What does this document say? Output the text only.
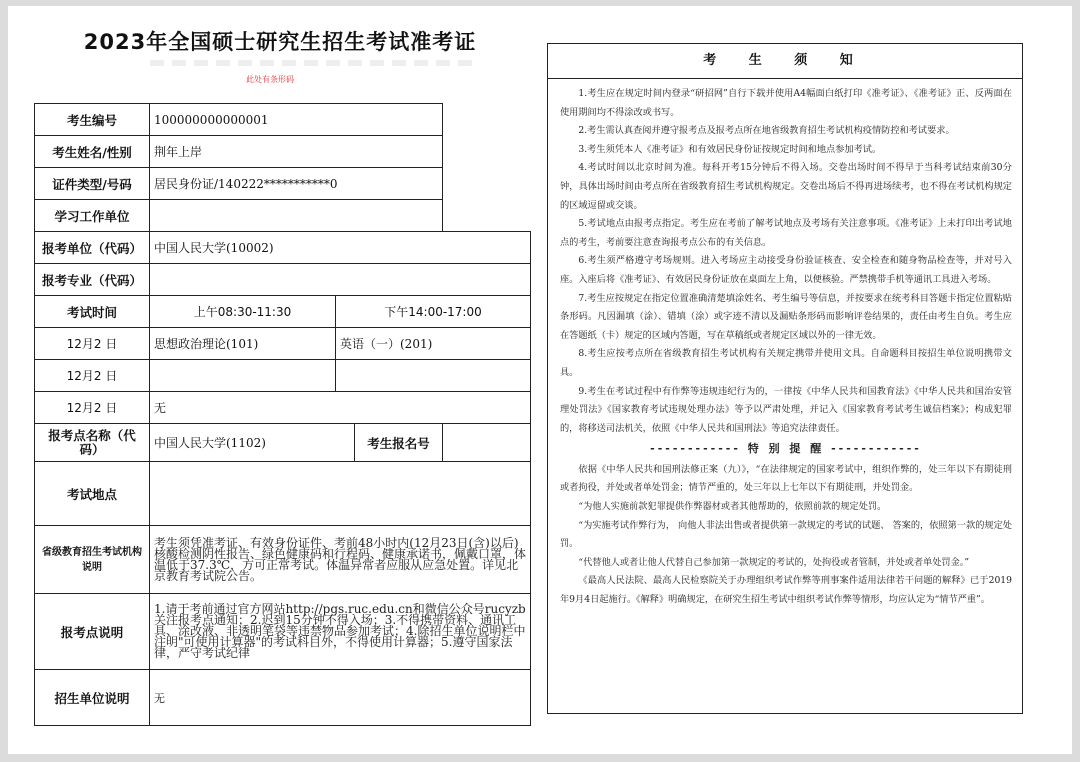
2023年全国硕士研究生招生考试准考证
此处有条形码
考生编号	100000000000001			
考生姓名/性别	荆年上岸			
证件类型/号码	居民身份证/140222***********0			
学习工作单位				
报考单位（代码）	中国人民大学(10002)			
报考专业（代码）				
考试时间	上午08:30-11:30	下午14:00-17:00		
12月2 日	思想政治理论(101)	英语（一）(201)		
12月2 日				
12月2 日	无			
报考点名称（代码）	中国人民大学(1102)		考生报名号	
考试地点				
省级教育招生考试机构说明	考生须凭准考证、有效身份证件、考前48小时内(12月23日(含)以后)核酸检测阴性报告、绿色健康码和行程码、健康承诺书，佩戴口罩，体温低于37.3℃，方可正常考试。体温异常者应服从应急处置。详见北京教育考试院公告。			
报考点说明	1.请于考前通过官方网站http://pgs.ruc.edu.cn和微信公众号rucyzb关注报考点通知；2.迟到15分钟不得入场；3.不得携带资料、通讯工具、涂改液、非透明笔袋等违禁物品参加考试；4.除招生单位说明栏中注明"可使用计算器"的考试科目外，不得使用计算器；5.遵守国家法律，严守考试纪律			
招生单位说明	无			
考 生 须 知

1.考生应在规定时间内登录“研招网”自行下载并使用A4幅面白纸打印《准考证》、《准考证》正、反两面在使用期间均不得涂改或书写。

2.考生需认真查阅并遵守报考点及报考点所在地省级教育招生考试机构疫情防控和考试要求。

3.考生须凭本人《准考证》和有效居民身份证按规定时间和地点参加考试。

4.考试时间以北京时间为准。每科开考15分钟后不得入场。交卷出场时间不得早于当科考试结束前30分钟，具体出场时间由考点所在省级教育招生考试机构规定。交卷出场后不得再进场续考，也不得在考试机构规定的区域逗留或交谈。

5.考试地点由报考点指定。考生应在考前了解考试地点及考场有关注意事项。《准考证》上未打印出考试地点的考生，考前要注意查询报考点公布的有关信息。

6.考生须严格遵守考场规则。进入考场应主动接受身份验证核查、安全检查和随身物品检查等，并对号入座。入座后将《准考证》、有效居民身份证放在桌面左上角，以便核验。严禁携带手机等通讯工具进入考场。

7.考生应按规定在指定位置准确清楚填涂姓名、考生编号等信息，并按要求在统考科目答题卡指定位置粘贴条形码。凡因漏填（涂）、错填（涂）或字迹不清以及漏贴条形码而影响评卷结果的，责任由考生自负。考生应在答题纸（卡）规定的区域内答题，写在草稿纸或者规定区域以外的一律无效。

8.考生应按考点所在省级教育招生考试机构有关规定携带并使用文具。自命题科目按招生单位说明携带文具。

9.考生在考试过程中有作弊等违规违纪行为的，一律按《中华人民共和国教育法》《中华人民共和国治安管理处罚法》《国家教育考试违规处理办法》等予以严肃处理，并记入《国家教育考试考生诚信档案》；构成犯罪的，将移送司法机关，依照《中华人民共和国刑法》等追究法律责任。

------------ 特 别 提 醒 ------------

依据《中华人民共和国刑法修正案（九）》，“在法律规定的国家考试中，组织作弊的，处三年以下有期徒刑或者拘役，并处或者单处罚金；情节严重的，处三年以上七年以下有期徒刑，并处罚金。

“为他人实施前款犯罪提供作弊器材或者其他帮助的，依照前款的规定处罚。

“为实施考试作弊行为， 向他人非法出售或者提供第一款规定的考试的试题、 答案的，依照第一款的规定处罚。

“代替他人或者让他人代替自己参加第一款规定的考试的，处拘役或者管制，并处或者单处罚金。”

《最高人民法院、最高人民检察院关于办理组织考试作弊等刑事案件适用法律若干问题的解释》已于2019年9月4日起施行。《解释》明确规定，在研究生招生考试中组织考试作弊等情形，均应认定为“情节严重”。
